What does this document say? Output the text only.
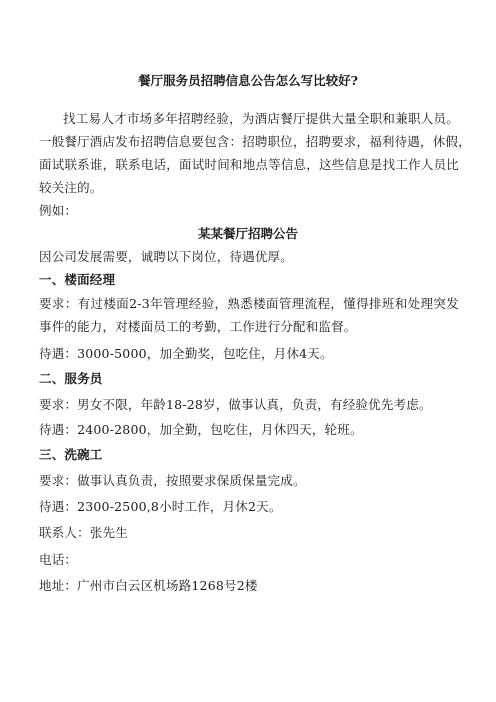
餐厅服务员招聘信息公告怎么写比较好?
找工易人才市场多年招聘经验，为酒店餐厅提供大量全职和兼职人员。
一般餐厅酒店发布招聘信息要包含：招聘职位，招聘要求，福利待遇，休假，
面试联系谁，联系电话，面试时间和地点等信息，这些信息是找工作人员比
较关注的。
例如：
某某餐厅招聘公告
因公司发展需要，诚聘以下岗位，待遇优厚。
一、楼面经理
要求：有过楼面2-3年管理经验，熟悉楼面管理流程，懂得排班和处理突发
事件的能力，对楼面员工的考勤，工作进行分配和监督。
待遇：3000-5000，加全勤奖，包吃住，月休4天。
二、服务员
要求：男女不限，年龄18-28岁，做事认真，负责，有经验优先考虑。
待遇：2400-2800，加全勤，包吃住，月休四天，轮班。
三、洗碗工
要求：做事认真负责，按照要求保质保量完成。
待遇：2300-2500,8小时工作，月休2天。
联系人：张先生
电话：
地址：广州市白云区机场路1268号2楼
